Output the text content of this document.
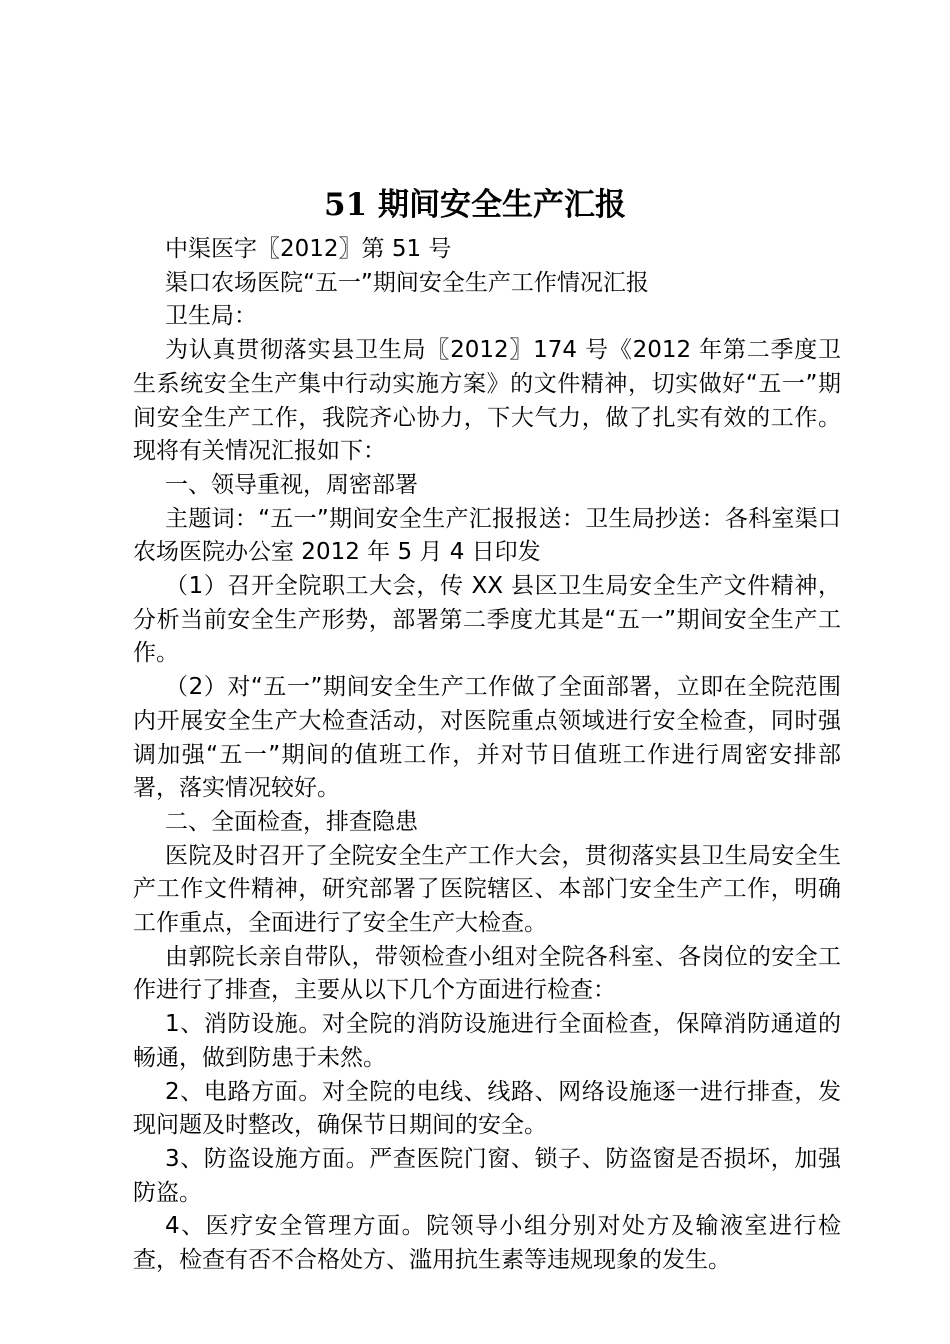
51 期间安全生产汇报

中渠医字〖2012〗第 51 号

渠口农场医院“五一”期间安全生产工作情况汇报

卫生局：

为认真贯彻落实县卫生局〖2012〗174 号《2012 年第二季度卫生系统安全生产集中行动实施方案》的文件精神，切实做好“五一”期间安全生产工作，我院齐心协力，下大气力，做了扎实有效的工作。现将有关情况汇报如下：

一、领导重视，周密部署

主题词：“五一”期间安全生产汇报报送：卫生局抄送：各科室渠口农场医院办公室 2012 年 5 月 4 日印发

（1）召开全院职工大会，传 XX 县区卫生局安全生产文件精神，分析当前安全生产形势，部署第二季度尤其是“五一”期间安全生产工作。

（2）对“五一”期间安全生产工作做了全面部署，立即在全院范围内开展安全生产大检查活动，对医院重点领域进行安全检查，同时强调加强“五一”期间的值班工作，并对节日值班工作进行周密安排部署，落实情况较好。

二、全面检查，排查隐患

医院及时召开了全院安全生产工作大会，贯彻落实县卫生局安全生产工作文件精神，研究部署了医院辖区、本部门安全生产工作，明确工作重点，全面进行了安全生产大检查。

由郭院长亲自带队，带领检查小组对全院各科室、各岗位的安全工作进行了排查，主要从以下几个方面进行检查：

1、消防设施。对全院的消防设施进行全面检查，保障消防通道的畅通，做到防患于未然。

2、电路方面。对全院的电线、线路、网络设施逐一进行排查，发现问题及时整改，确保节日期间的安全。

3、防盗设施方面。严查医院门窗、锁子、防盗窗是否损坏，加强防盗。

4、医疗安全管理方面。院领导小组分别对处方及输液室进行检查，检查有否不合格处方、滥用抗生素等违规现象的发生。
